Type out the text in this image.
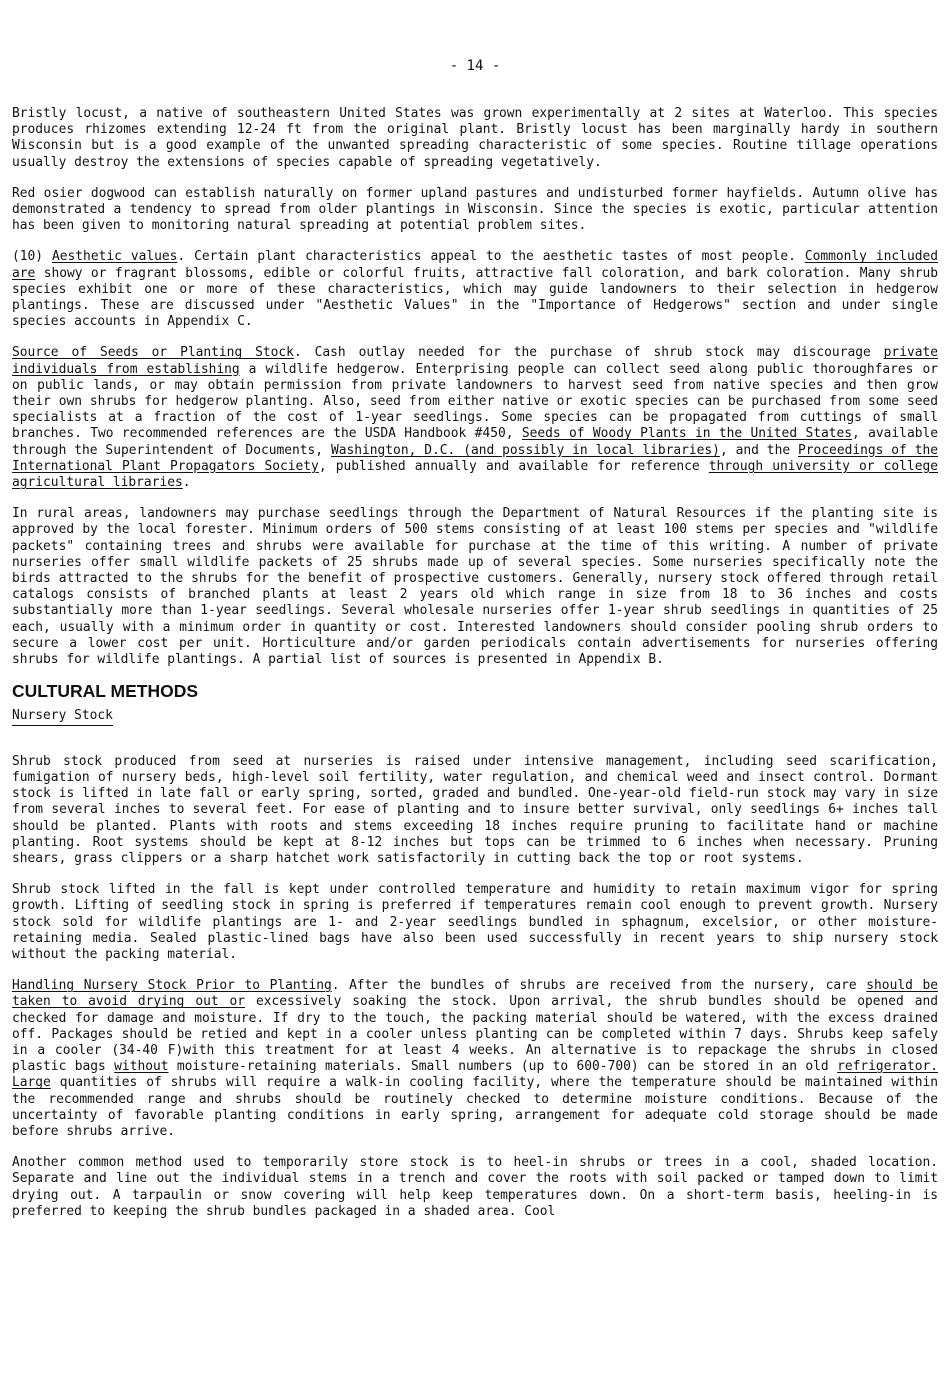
- 14 -

Bristly locust, a native of southeastern United States was grown experimentally at 2 sites at Waterloo. This species produces rhizomes extending 12-24 ft from the original plant. Bristly locust has been marginally hardy in southern Wisconsin but is a good example of the unwanted spreading characteristic of some species. Routine tillage operations usually destroy the extensions of species capable of spreading vegetatively.

Red osier dogwood can establish naturally on former upland pastures and undisturbed former hayfields. Autumn olive has demonstrated a tendency to spread from older plantings in Wisconsin. Since the species is exotic, particular attention has been given to monitoring natural spreading at potential problem sites.

(10) Aesthetic values. Certain plant characteristics appeal to the aesthetic tastes of most people. Commonly included are showy or fragrant blossoms, edible or colorful fruits, attractive fall coloration, and bark coloration. Many shrub species exhibit one or more of these characteristics, which may guide landowners to their selection in hedgerow plantings. These are discussed under "Aesthetic Values" in the "Importance of Hedgerows" section and under single species accounts in Appendix C.

Source of Seeds or Planting Stock. Cash outlay needed for the purchase of shrub stock may discourage private individuals from establishing a wildlife hedgerow. Enterprising people can collect seed along public thoroughfares or on public lands, or may obtain permission from private landowners to harvest seed from native species and then grow their own shrubs for hedgerow planting. Also, seed from either native or exotic species can be purchased from some seed specialists at a fraction of the cost of 1-year seedlings. Some species can be propagated from cuttings of small branches. Two recommended references are the USDA Handbook #450, Seeds of Woody Plants in the United States, available through the Superintendent of Documents, Washington, D.C. (and possibly in local libraries), and the Proceedings of the International Plant Propagators Society, published annually and available for reference through university or college agricultural libraries.

In rural areas, landowners may purchase seedlings through the Department of Natural Resources if the planting site is approved by the local forester. Minimum orders of 500 stems consisting of at least 100 stems per species and "wildlife packets" containing trees and shrubs were available for purchase at the time of this writing. A number of private nurseries offer small wildlife packets of 25 shrubs made up of several species. Some nurseries specifically note the birds attracted to the shrubs for the benefit of prospective customers. Generally, nursery stock offered through retail catalogs consists of branched plants at least 2 years old which range in size from 18 to 36 inches and costs substantially more than 1-year seedlings. Several wholesale nurseries offer 1-year shrub seedlings in quantities of 25 each, usually with a minimum order in quantity or cost. Interested landowners should consider pooling shrub orders to secure a lower cost per unit. Horticulture and/or garden periodicals contain advertisements for nurseries offering shrubs for wildlife plantings. A partial list of sources is presented in Appendix B.

CULTURAL METHODS
Nursery Stock

Shrub stock produced from seed at nurseries is raised under intensive management, including seed scarification, fumigation of nursery beds, high-level soil fertility, water regulation, and chemical weed and insect control. Dormant stock is lifted in late fall or early spring, sorted, graded and bundled. One-year-old field-run stock may vary in size from several inches to several feet. For ease of planting and to insure better survival, only seedlings 6+ inches tall should be planted. Plants with roots and stems exceeding 18 inches require pruning to facilitate hand or machine planting. Root systems should be kept at 8-12 inches but tops can be trimmed to 6 inches when necessary. Pruning shears, grass clippers or a sharp hatchet work satisfactorily in cutting back the top or root systems.

Shrub stock lifted in the fall is kept under controlled temperature and humidity to retain maximum vigor for spring growth. Lifting of seedling stock in spring is preferred if temperatures remain cool enough to prevent growth. Nursery stock sold for wildlife plantings are 1- and 2-year seedlings bundled in sphagnum, excelsior, or other moisture-retaining media. Sealed plastic-lined bags have also been used successfully in recent years to ship nursery stock without the packing material.

Handling Nursery Stock Prior to Planting. After the bundles of shrubs are received from the nursery, care should be taken to avoid drying out or excessively soaking the stock. Upon arrival, the shrub bundles should be opened and checked for damage and moisture. If dry to the touch, the packing material should be watered, with the excess drained off. Packages should be retied and kept in a cooler unless planting can be completed within 7 days. Shrubs keep safely in a cooler (34-40 F)with this treatment for at least 4 weeks. An alternative is to repackage the shrubs in closed plastic bags without moisture-retaining materials. Small numbers (up to 600-700) can be stored in an old refrigerator. Large quantities of shrubs will require a walk-in cooling facility, where the temperature should be maintained within the recommended range and shrubs should be routinely checked to determine moisture conditions. Because of the uncertainty of favorable planting conditions in early spring, arrangement for adequate cold storage should be made before shrubs arrive.

Another common method used to temporarily store stock is to heel-in shrubs or trees in a cool, shaded location. Separate and line out the individual stems in a trench and cover the roots with soil packed or tamped down to limit drying out. A tarpaulin or snow covering will help keep temperatures down. On a short-term basis, heeling-in is preferred to keeping the shrub bundles packaged in a shaded area. Cool
